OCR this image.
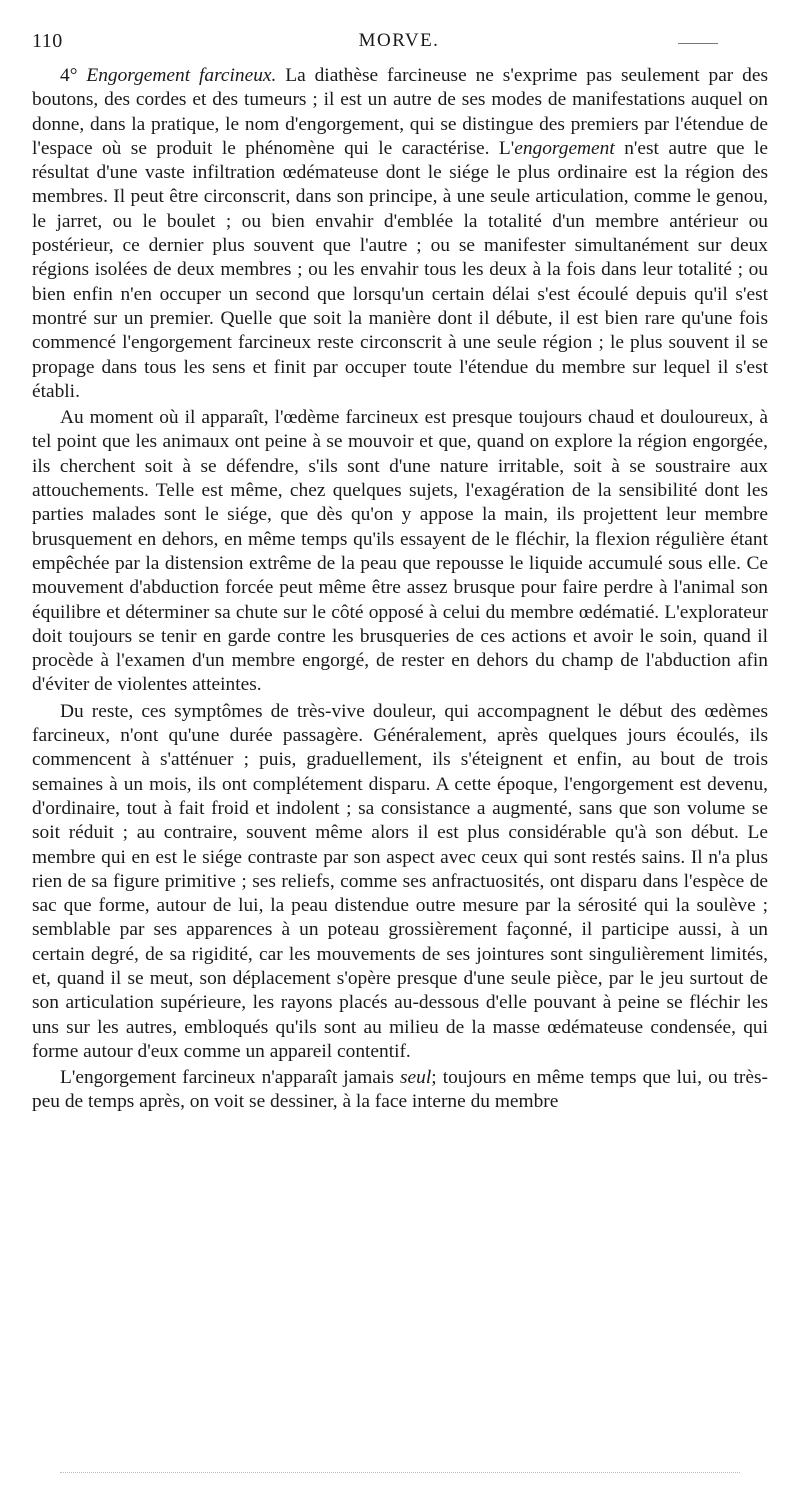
110	MORVE.

4° Engorgement farcineux. La diathèse farcineuse ne s'exprime pas seulement par des boutons, des cordes et des tumeurs ; il est un autre de ses modes de manifestations auquel on donne, dans la pratique, le nom d'engorgement, qui se distingue des premiers par l'étendue de l'espace où se produit le phénomène qui le caractérise. L'engorgement n'est autre que le résultat d'une vaste infiltration œdémateuse dont le siége le plus ordinaire est la région des membres. Il peut être circonscrit, dans son principe, à une seule articulation, comme le genou, le jarret, ou le boulet ; ou bien envahir d'emblée la totalité d'un membre antérieur ou postérieur, ce dernier plus souvent que l'autre ; ou se manifester simultanément sur deux régions isolées de deux membres ; ou les envahir tous les deux à la fois dans leur totalité ; ou bien enfin n'en occuper un second que lorsqu'un certain délai s'est écoulé depuis qu'il s'est montré sur un premier. Quelle que soit la manière dont il débute, il est bien rare qu'une fois commencé l'engorgement farcineux reste circonscrit à une seule région ; le plus souvent il se propage dans tous les sens et finit par occuper toute l'étendue du membre sur lequel il s'est établi.

Au moment où il apparaît, l'œdème farcineux est presque toujours chaud et douloureux, à tel point que les animaux ont peine à se mouvoir et que, quand on explore la région engorgée, ils cherchent soit à se défendre, s'ils sont d'une nature irritable, soit à se soustraire aux attouchements. Telle est même, chez quelques sujets, l'exagération de la sensibilité dont les parties malades sont le siége, que dès qu'on y appose la main, ils projettent leur membre brusquement en dehors, en même temps qu'ils essayent de le fléchir, la flexion régulière étant empêchée par la distension extrême de la peau que repousse le liquide accumulé sous elle. Ce mouvement d'abduction forcée peut même être assez brusque pour faire perdre à l'animal son équilibre et déterminer sa chute sur le côté opposé à celui du membre œdématié. L'explorateur doit toujours se tenir en garde contre les brusqueries de ces actions et avoir le soin, quand il procède à l'examen d'un membre engorgé, de rester en dehors du champ de l'abduction afin d'éviter de violentes atteintes.

Du reste, ces symptômes de très-vive douleur, qui accompagnent le début des œdèmes farcineux, n'ont qu'une durée passagère. Généralement, après quelques jours écoulés, ils commencent à s'atténuer ; puis, graduellement, ils s'éteignent et enfin, au bout de trois semaines à un mois, ils ont complétement disparu. A cette époque, l'engorgement est devenu, d'ordinaire, tout à fait froid et indolent ; sa consistance a augmenté, sans que son volume se soit réduit ; au contraire, souvent même alors il est plus considérable qu'à son début. Le membre qui en est le siége contraste par son aspect avec ceux qui sont restés sains. Il n'a plus rien de sa figure primitive ; ses reliefs, comme ses anfractuosités, ont disparu dans l'espèce de sac que forme, autour de lui, la peau distendue outre mesure par la sérosité qui la soulève ; semblable par ses apparences à un poteau grossièrement façonné, il participe aussi, à un certain degré, de sa rigidité, car les mouvements de ses jointures sont singulièrement limités, et, quand il se meut, son déplacement s'opère presque d'une seule pièce, par le jeu surtout de son articulation supérieure, les rayons placés au-dessous d'elle pouvant à peine se fléchir les uns sur les autres, embloqués qu'ils sont au milieu de la masse œdémateuse condensée, qui forme autour d'eux comme un appareil contentif.

L'engorgement farcineux n'apparaît jamais seul; toujours en même temps que lui, ou très-peu de temps après, on voit se dessiner, à la face interne du membre
